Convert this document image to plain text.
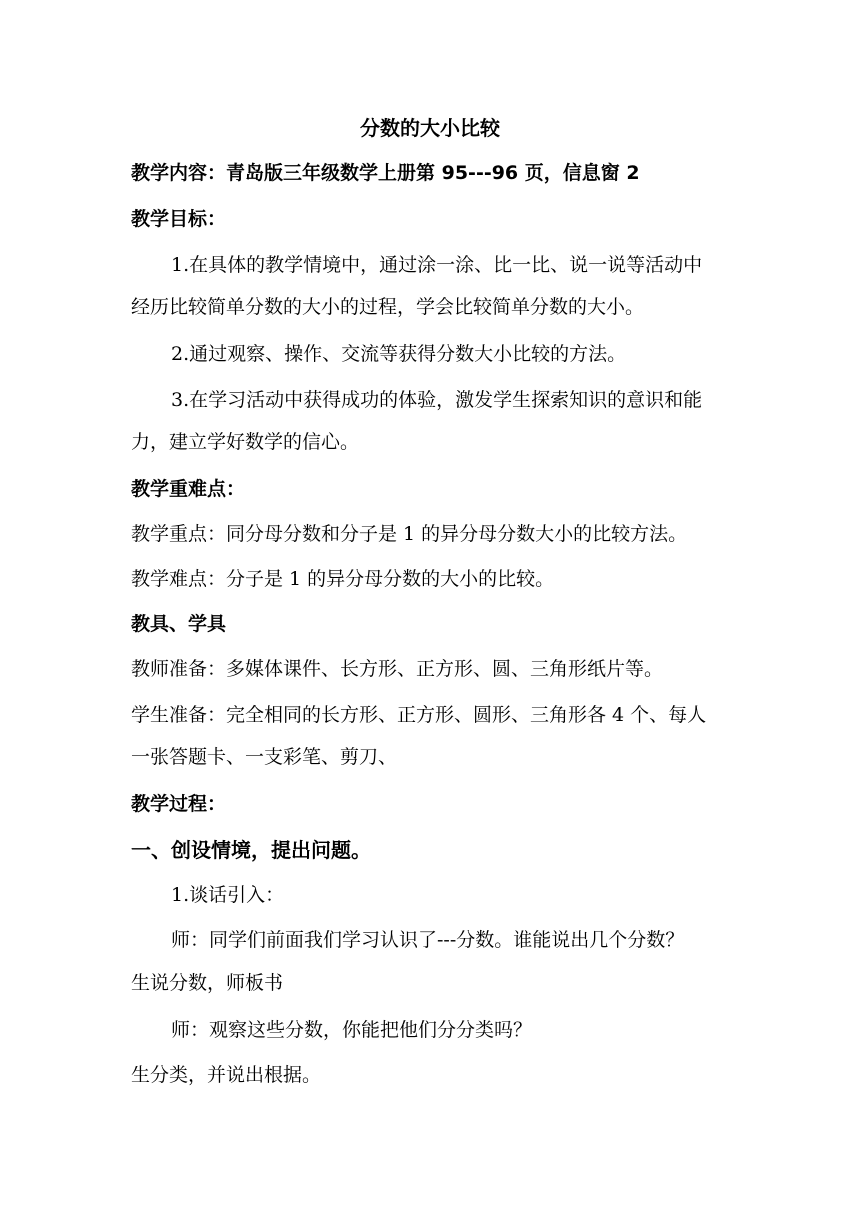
分数的大小比较
教学内容：青岛版三年级数学上册第 95---96 页，信息窗 2
教学目标：
1.在具体的教学情境中，通过涂一涂、比一比、说一说等活动中
经历比较简单分数的大小的过程，学会比较简单分数的大小。
2.通过观察、操作、交流等获得分数大小比较的方法。
3.在学习活动中获得成功的体验，激发学生探索知识的意识和能
力，建立学好数学的信心。
教学重难点：
教学重点：同分母分数和分子是 1 的异分母分数大小的比较方法。
教学难点：分子是 1 的异分母分数的大小的比较。
教具、学具
教师准备：多媒体课件、长方形、正方形、圆、三角形纸片等。
学生准备：完全相同的长方形、正方形、圆形、三角形各 4 个、每人
一张答题卡、一支彩笔、剪刀、
教学过程：
一、创设情境，提出问题。
1.谈话引入：
师：同学们前面我们学习认识了---分数。谁能说出几个分数？
生说分数，师板书
师：观察这些分数，你能把他们分分类吗？
生分类，并说出根据。
